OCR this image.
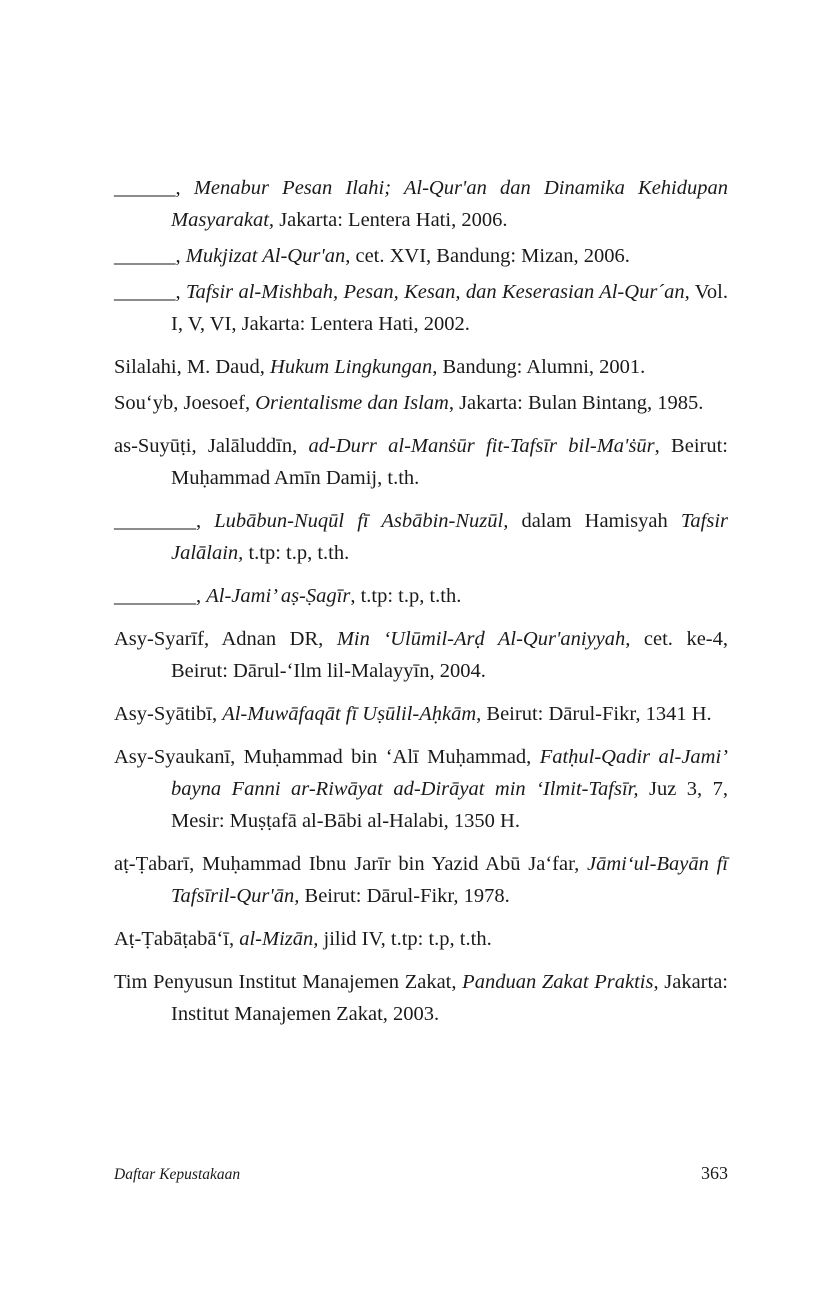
______, Menabur Pesan Ilahi; Al-Qur'an dan Dinamika Kehidupan Masyarakat, Jakarta: Lentera Hati, 2006.

______, Mukjizat Al-Qur'an, cet. XVI, Bandung: Mizan, 2006.

______, Tafsir al-Mishbah, Pesan, Kesan, dan Keserasian Al-Qur´an, Vol. I, V, VI, Jakarta: Lentera Hati, 2002.

Silalahi, M. Daud, Hukum Lingkungan, Bandung: Alumni, 2001.

Sou‘yb, Joesoef, Orientalisme dan Islam, Jakarta: Bulan Bintang, 1985.

as-Suyūṭi, Jalāluddīn, ad-Durr al-Manṡūr fit-Tafsīr bil-Ma'ṡūr, Beirut: Muḥammad Amīn Damij, t.th.

________, Lubābun-Nuqūl fī Asbābin-Nuzūl, dalam Hamisyah Tafsir Jalālain, t.tp: t.p, t.th.

________, Al-Jami’ aṣ-Ṣagīr, t.tp: t.p, t.th.

Asy-Syarīf, Adnan DR, Min ‘Ulūmil-Arḍ Al-Qur'aniyyah, cet. ke-4, Beirut: Dārul-‘Ilm lil-Malayyīn, 2004.

Asy-Syātibī, Al-Muwāfaqāt fī Uṣūlil-Aḥkām, Beirut: Dārul-Fikr, 1341 H.

Asy-Syaukanī, Muḥammad bin ‘Alī Muḥammad, Fatḥul-Qadir al-Jami’ bayna Fanni ar-Riwāyat ad-Dirāyat min ‘Ilmit-Tafsīr, Juz 3, 7, Mesir: Muṣṭafā al-Bābi al-Halabi, 1350 H.

aṭ-Ṭabarī, Muḥammad Ibnu Jarīr bin Yazid Abū Ja‘far, Jāmi‘ul-Bayān fī Tafsīril-Qur'ān, Beirut: Dārul-Fikr, 1978.

Aṭ-Ṭabāṭabā‘ī, al-Mizān, jilid IV, t.tp: t.p, t.th.

Tim Penyusun Institut Manajemen Zakat, Panduan Zakat Praktis, Jakarta: Institut Manajemen Zakat, 2003.

Daftar Kepustakaan	363
